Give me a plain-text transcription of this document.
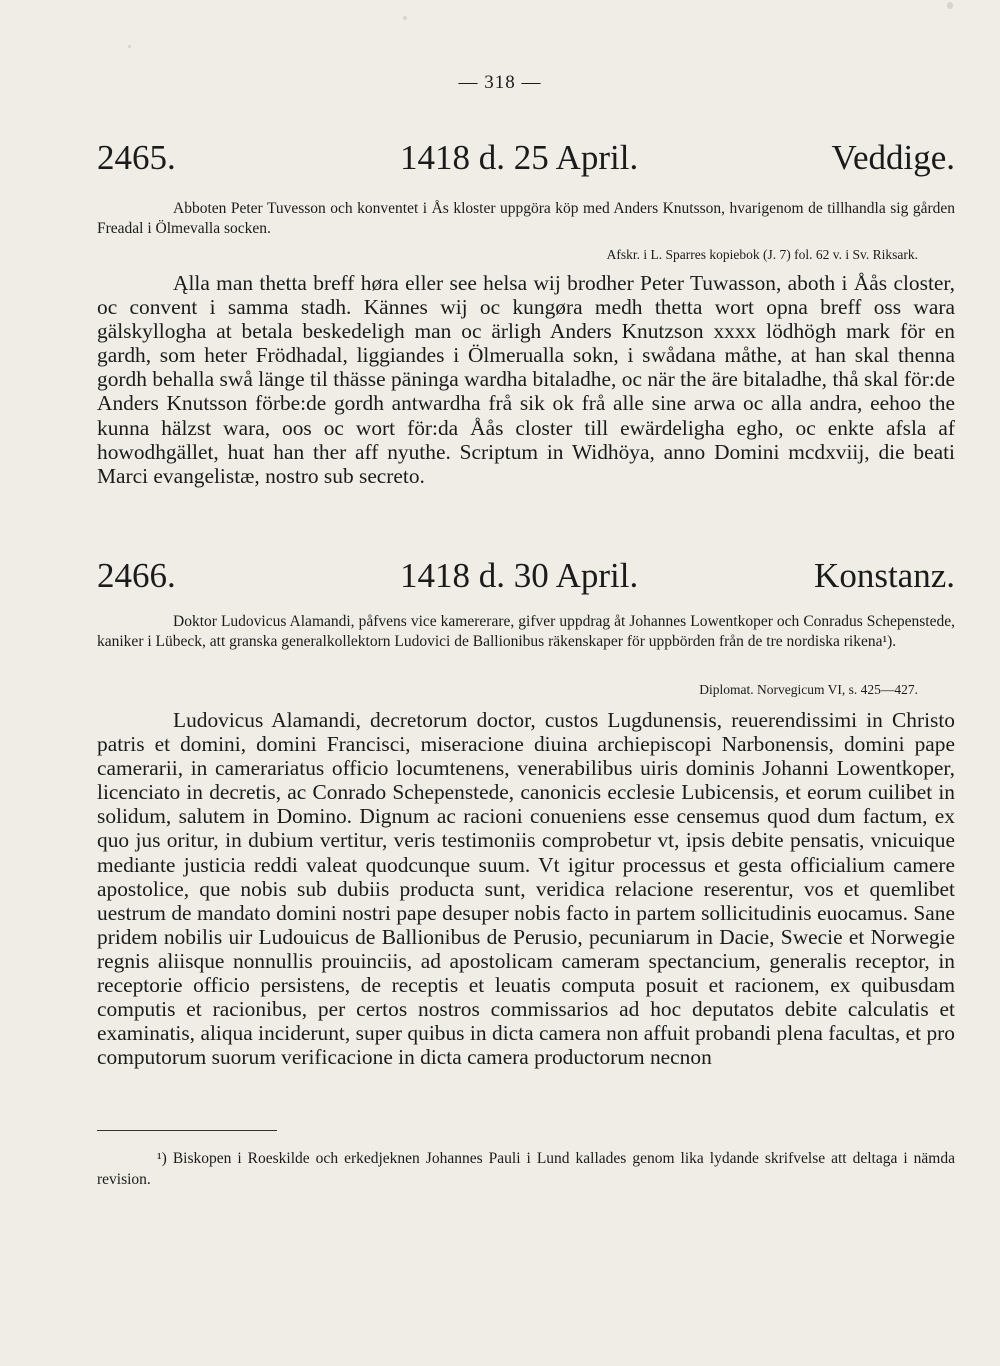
— 318 —
2465.	1418 d. 25 April.	Veddige.

Abboten Peter Tuvesson och konventet i Ås kloster uppgöra köp med Anders Knutsson, hvarigenom de tillhandla sig gården Freadal i Ölmevalla socken.

Afskr. i L. Sparres kopiebok (J. 7) fol. 62 v. i Sv. Riksark.

Ąlla man thetta breff høra eller see helsa wij brodher Peter Tuwasson, aboth i Åås closter, oc convent i samma stadh. Kännes wij oc kungøra medh thetta wort opna breff oss wara gälskyllogha at betala beskedeligh man oc ärligh Anders Knutzson xxxx lödhögh mark för en gardh, som heter Frödhadal, liggiandes i Ölmerualla sokn, i swådana måthe, at han skal thenna gordh behalla swå länge til thässe päninga wardha bitaladhe, oc när the äre bitaladhe, thå skal för:de Anders Knutsson förbe:de gordh antwardha frå sik ok frå alle sine arwa oc alla andra, eehoo the kunna hälzst wara, oos oc wort för:da Åås closter till ewärdeligha egho, oc enkte afsla af howodhgället, huat han ther aff nyuthe. Scriptum in Widhöya, anno Domini mcdxviij, die beati Marci evangelistæ, nostro sub secreto.

2466.	1418 d. 30 April.	Konstanz.

Doktor Ludovicus Alamandi, påfvens vice kamererare, gifver uppdrag åt Johannes Lowentkoper och Conradus Schepenstede, kaniker i Lübeck, att granska generalkollektorn Ludovici de Ballionibus räkenskaper för uppbörden från de tre nordiska rikena¹).

Diplomat. Norvegicum VI, s. 425—427.

Ludovicus Alamandi, decretorum doctor, custos Lugdunensis, reuerendissimi in Christo patris et domini, domini Francisci, miseracione diuina archiepiscopi Narbonensis, domini pape camerarii, in camerariatus officio locumtenens, venerabilibus uiris dominis Johanni Lowentkoper, licenciato in decretis, ac Conrado Schepenstede, canonicis ecclesie Lubicensis, et eorum cuilibet in solidum, salutem in Domino. Dignum ac racioni conueniens esse censemus quod dum factum, ex quo jus oritur, in dubium vertitur, veris testimoniis comprobetur vt, ipsis debite pensatis, vnicuique mediante justicia reddi valeat quodcunque suum. Vt igitur processus et gesta officialium camere apostolice, que nobis sub dubiis producta sunt, veridica relacione reserentur, vos et quemlibet uestrum de mandato domini nostri pape desuper nobis facto in partem sollicitudinis euocamus. Sane pridem nobilis uir Ludouicus de Ballionibus de Perusio, pecuniarum in Dacie, Swecie et Norwegie regnis aliisque nonnullis prouinciis, ad apostolicam cameram spectancium, generalis receptor, in receptorie officio persistens, de receptis et leuatis computa posuit et racionem, ex quibusdam computis et racionibus, per certos nostros commissarios ad hoc deputatos debite calculatis et examinatis, aliqua inciderunt, super quibus in dicta camera non affuit probandi plena facultas, et pro computorum suorum verificacione in dicta camera productorum necnon

¹) Biskopen i Roeskilde och erkedjeknen Johannes Pauli i Lund kallades genom lika lydande skrifvelse att deltaga i nämda revision.
